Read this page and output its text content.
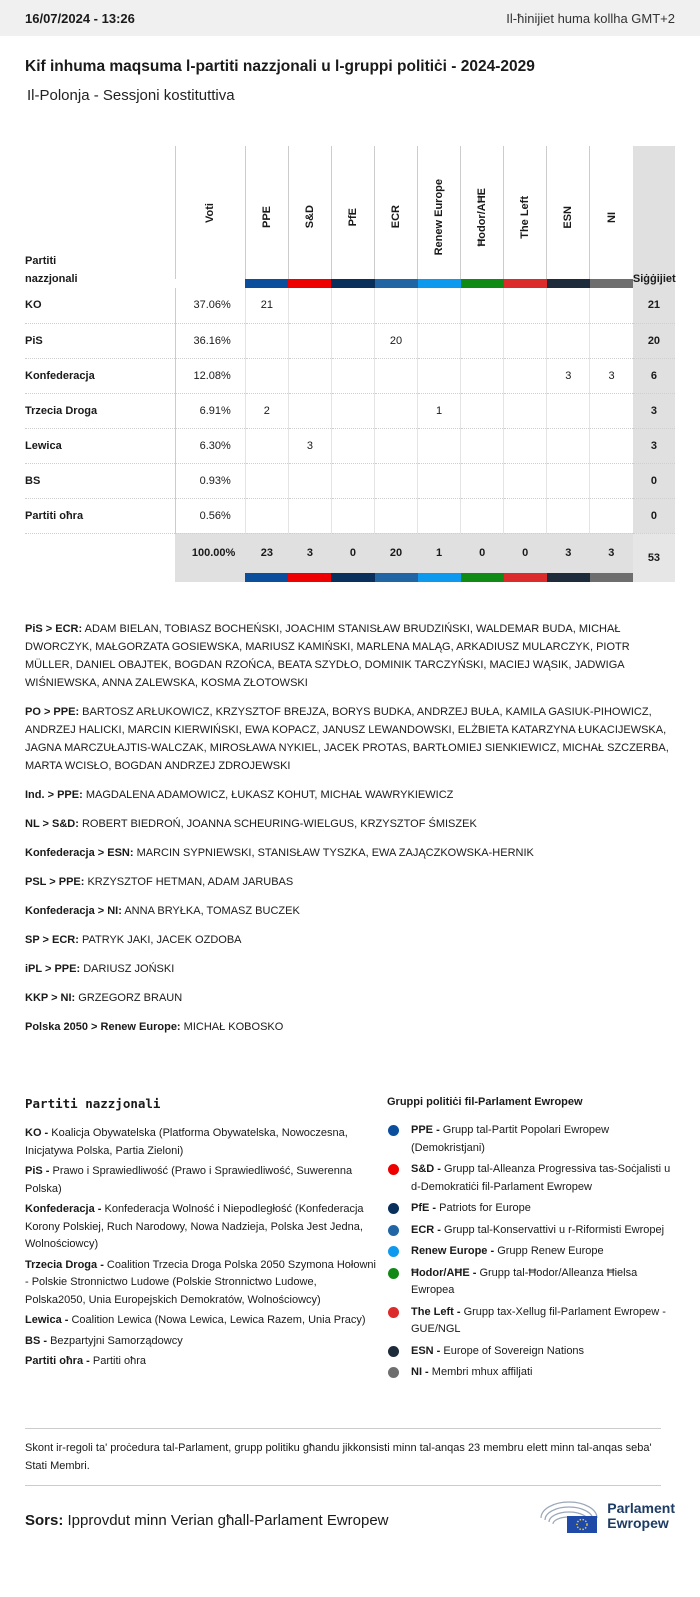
16/07/2024 - 13:26	Il-ħinijiet huma kollha GMT+2
Kif inhuma maqsuma l-partiti nazzjonali u l-gruppi politiċi - 2024-2029
Il-Polonja - Sessjoni kostituttiva
Partiti nazzjonali	Voti	PPE	S&D	PfE	ECR	Renew Europe	Ħodor/AĦE	The Left	ESN	NI	Siġġijiet

KO	37.06%	21									21
PiS	36.16%				20						20
Konfederacja	12.08%								3	3	6
Trzecia Droga	6.91%	2				1					3
Lewica	6.30%		3								3
BS	0.93%										0
Partiti oħra	0.56%										0
	100.00%	23	3	0	20	1	0	0	3	3	53

PiS > ECR: ADAM BIELAN, TOBIASZ BOCHEŃSKI, JOACHIM STANISŁAW BRUDZIŃSKI, WALDEMAR BUDA, MICHAŁ DWORCZYK, MAŁGORZATA GOSIEWSKA, MARIUSZ KAMIŃSKI, MARLENA MALĄG, ARKADIUSZ MULARCZYK, PIOTR MÜLLER, DANIEL OBAJTEK, BOGDAN RZOŃCA, BEATA SZYDŁO, DOMINIK TARCZYŃSKI, MACIEJ WĄSIK, JADWIGA WIŚNIEWSKA, ANNA ZALEWSKA, KOSMA ZŁOTOWSKI

PO > PPE: BARTOSZ ARŁUKOWICZ, KRZYSZTOF BREJZA, BORYS BUDKA, ANDRZEJ BUŁA, KAMILA GASIUK-PIHOWICZ, ANDRZEJ HALICKI, MARCIN KIERWIŃSKI, EWA KOPACZ, JANUSZ LEWANDOWSKI, ELŻBIETA KATARZYNA ŁUKACIJEWSKA, JAGNA MARCZUŁAJTIS-WALCZAK, MIROSŁAWA NYKIEL, JACEK PROTAS, BARTŁOMIEJ SIENKIEWICZ, MICHAŁ SZCZERBA, MARTA WCISŁO, BOGDAN ANDRZEJ ZDROJEWSKI

Ind. > PPE: MAGDALENA ADAMOWICZ, ŁUKASZ KOHUT, MICHAŁ WAWRYKIEWICZ

NL > S&D: ROBERT BIEDROŃ, JOANNA SCHEURING-WIELGUS, KRZYSZTOF ŚMISZEK

Konfederacja > ESN: MARCIN SYPNIEWSKI, STANISŁAW TYSZKA, EWA ZAJĄCZKOWSKA-HERNIK

PSL > PPE: KRZYSZTOF HETMAN, ADAM JARUBAS

Konfederacja > NI: ANNA BRYŁKA, TOMASZ BUCZEK

SP > ECR: PATRYK JAKI, JACEK OZDOBA

iPL > PPE: DARIUSZ JOŃSKI

KKP > NI: GRZEGORZ BRAUN

Polska 2050 > Renew Europe: MICHAŁ KOBOSKO

Partiti nazzjonali
KO - Koalicja Obywatelska (Platforma Obywatelska, Nowoczesna, Inicjatywa Polska, Partia Zieloni)
PiS - Prawo i Sprawiedliwość (Prawo i Sprawiedliwość, Suwerenna Polska)
Konfederacja - Konfederacja Wolność i Niepodległość (Konfederacja Korony Polskiej, Ruch Narodowy, Nowa Nadzieja, Polska Jest Jedna, Wolnościowcy)
Trzecia Droga - Coalition Trzecia Droga Polska 2050 Szymona Hołowni - Polskie Stronnictwo Ludowe (Polskie Stronnictwo Ludowe, Polska2050, Unia Europejskich Demokratów, Wolnościowcy)
Lewica - Coalition Lewica (Nowa Lewica, Lewica Razem, Unia Pracy)
BS - Bezpartyjni Samorządowcy
Partiti oħra - Partiti oħra
Gruppi politiċi fil-Parlament Ewropew
PPE - Grupp tal-Partit Popolari Ewropew (Demokristjani)
S&D - Grupp tal-Alleanza Progressiva tas-Soċjalisti u d-Demokratiċi fil-Parlament Ewropew
PfE - Patriots for Europe
ECR - Grupp tal-Konservattivi u r-Riformisti Ewropej
Renew Europe - Grupp Renew Europe
Ħodor/AĦE - Grupp tal-Ħodor/Alleanza Ħielsa Ewropea
The Left - Grupp tax-Xellug fil-Parlament Ewropew - GUE/NGL
ESN - Europe of Sovereign Nations
NI - Membri mhux affiljati
Skont ir-regoli ta' proċedura tal-Parlament, grupp politiku għandu jikkonsisti minn tal-anqas 23 membru elett minn tal-anqas seba' Stati Membri.
Sors: Ipprovdut minn Verian għall-Parlament Ewropew
Parlament
Ewropew
